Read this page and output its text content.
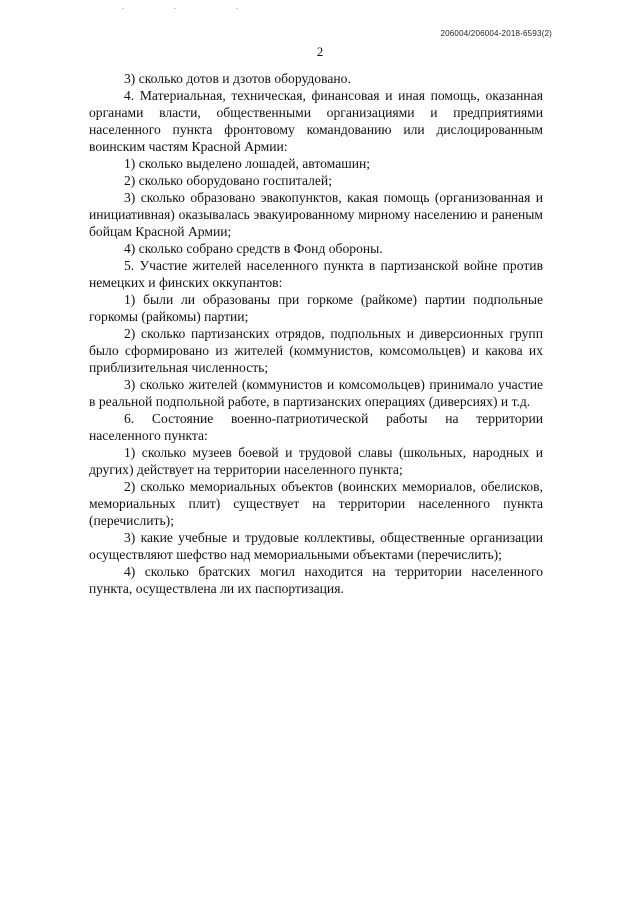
206004/206004-2018-6593(2)
2

3) сколько дотов и дзотов оборудовано.

4. Материальная, техническая, финансовая и иная помощь, оказанная органами власти, общественными организациями и предприятиями населенного пункта фронтовому командованию или дислоцированным воинским частям Красной Армии:

1) сколько выделено лошадей, автомашин;

2) сколько оборудовано госпиталей;

3) сколько образовано эвакопунктов, какая помощь (организованная и инициативная) оказывалась эвакуированному мирному населению и раненым бойцам Красной Армии;

4) сколько собрано средств в Фонд обороны.

5. Участие жителей населенного пункта в партизанской войне против немецких и финских оккупантов:

1) были ли образованы при горкоме (райкоме) партии подпольные горкомы (райкомы) партии;

2) сколько партизанских отрядов, подпольных и диверсионных групп было сформировано из жителей (коммунистов, комсомольцев) и какова их приблизительная численность;

3) сколько жителей (коммунистов и комсомольцев) принимало участие в реальной подпольной работе, в партизанских операциях (диверсиях) и т.д.

6. Состояние военно-патриотической работы на территории населенного пункта:

1) сколько музеев боевой и трудовой славы (школьных, народных и других) действует на территории населенного пункта;

2) сколько мемориальных объектов (воинских мемориалов, обелисков, мемориальных плит) существует на территории населенного пункта (перечислить);

3) какие учебные и трудовые коллективы, общественные организации осуществляют шефство над мемориальными объектами (перечислить);

4) сколько братских могил находится на территории населенного пункта, осуществлена ли их паспортизация.
